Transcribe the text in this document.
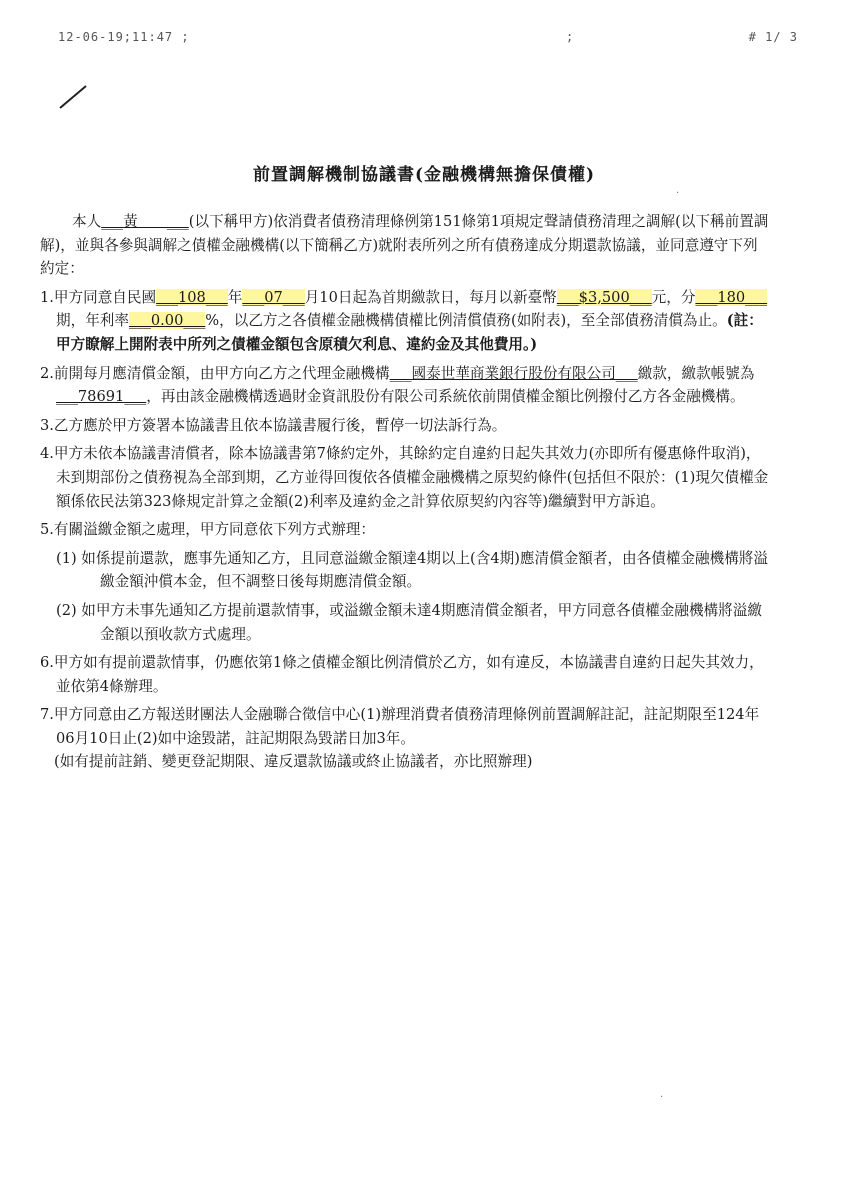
12-06-19;11:47 ;	;	# 1/ 3
前置調解機制協議書(金融機構無擔保債權)

本人___黃　　___(以下稱甲方)依消費者債務清理條例第151條第1項規定聲請債務清理之調解(以下稱前置調解)，並與各參與調解之債權金融機構(以下簡稱乙方)就附表所列之所有債務達成分期還款協議，並同意遵守下列約定：

1.甲方同意自民國___108___年___07___月10日起為首期繳款日，每月以新臺幣___$3,500___元，分___180___期，年利率___0.00___%，以乙方之各債權金融機構債權比例清償債務(如附表)，至全部債務清償為止。(註：甲方瞭解上開附表中所列之債權金額包含原積欠利息、違約金及其他費用。)

2.前開每月應清償金額，由甲方向乙方之代理金融機構___國泰世華商業銀行股份有限公司___繳款，繳款帳號為___78691___，再由該金融機構透過財金資訊股份有限公司系統依前開債權金額比例撥付乙方各金融機構。

3.乙方應於甲方簽署本協議書且依本協議書履行後，暫停一切法訴行為。

4.甲方未依本協議書清償者，除本協議書第7條約定外，其餘約定自違約日起失其效力(亦即所有優惠條件取消)，未到期部份之債務視為全部到期，乙方並得回復依各債權金融機構之原契約條件(包括但不限於：(1)現欠債權金額係依民法第323條規定計算之金額(2)利率及違約金之計算依原契約內容等)繼續對甲方訴追。

5.有關溢繳金額之處理，甲方同意依下列方式辦理：

(1) 如係提前還款，應事先通知乙方，且同意溢繳金額達4期以上(含4期)應清償金額者，由各債權金融機構將溢繳金額沖償本金，但不調整日後每期應清償金額。

(2) 如甲方未事先通知乙方提前還款情事，或溢繳金額未達4期應清償金額者，甲方同意各債權金融機構將溢繳金額以預收款方式處理。

6.甲方如有提前還款情事，仍應依第1條之債權金額比例清償於乙方，如有違反，本協議書自違約日起失其效力，並依第4條辦理。

7.甲方同意由乙方報送財團法人金融聯合徵信中心(1)辦理消費者債務清理條例前置調解註記，註記期限至124年06月10日止(2)如中途毀諾，註記期限為毀諾日加3年。

(如有提前註銷、變更登記期限、違反還款協議或終止協議者，亦比照辦理)

·
·
